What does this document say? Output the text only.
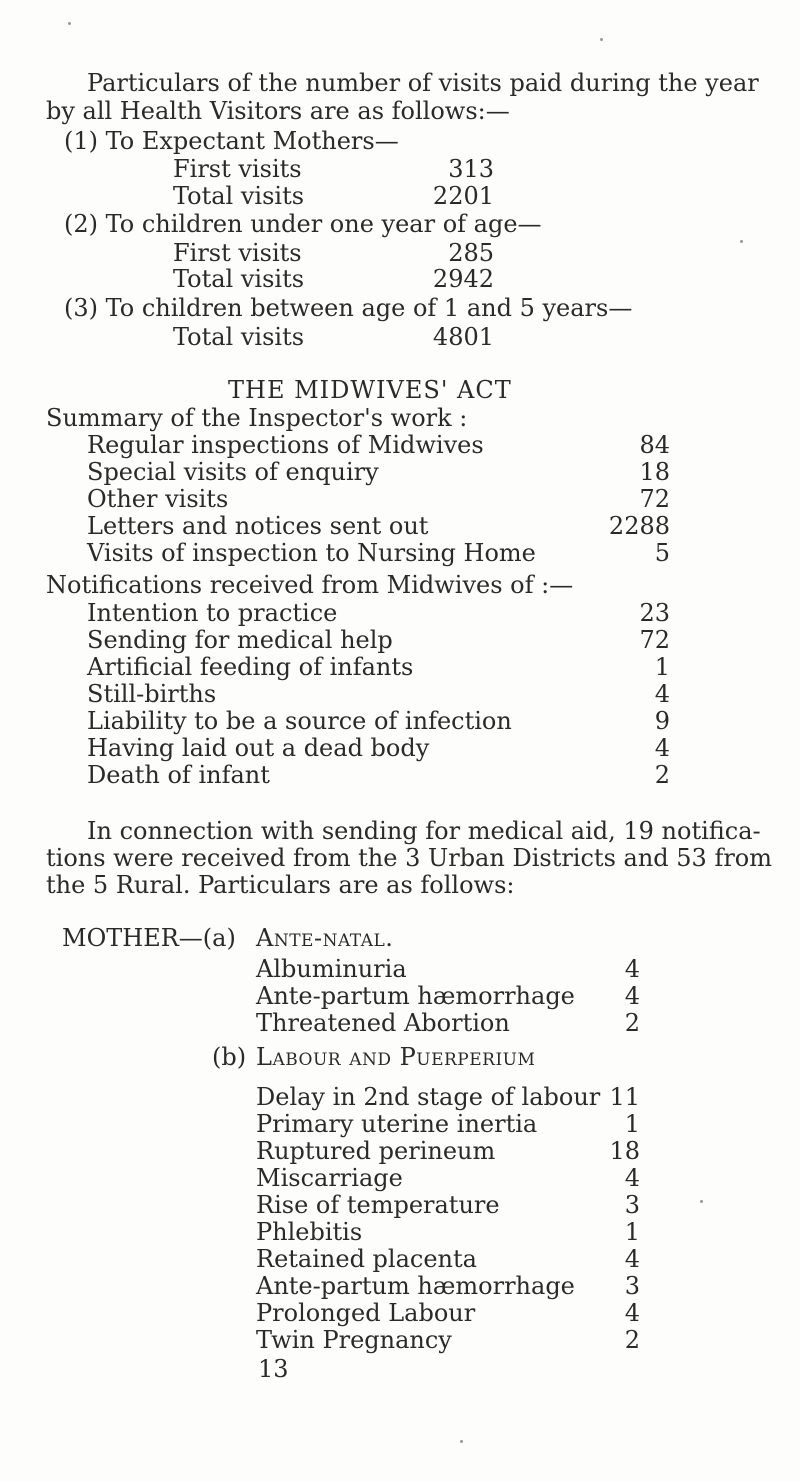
Particulars of the number of visits paid during the year
by all Health Visitors are as follows:—
(1) To Expectant Mothers—
First visits	313
Total visits	2201
(2) To children under one year of age—
First visits	285
Total visits	2942
(3) To children between age of 1 and 5 years—
Total visits	4801
THE MIDWIVES' ACT
Summary of the Inspector's work :
Regular inspections of Midwives	84
Special visits of enquiry	18
Other visits	72
Letters and notices sent out	2288
Visits of inspection to Nursing Home	5
Notifications received from Midwives of :—
Intention to practice	23
Sending for medical help	72
Artificial feeding of infants	1
Still-births	4
Liability to be a source of infection	9
Having laid out a dead body	4
Death of infant	2
In connection with sending for medical aid, 19 notifica-
tions were received from the 3 Urban Districts and 53 from
the 5 Rural. Particulars are as follows:
MOTHER—(a) Ante-natal.
Albuminuria	4
Ante-partum hæmorrhage	4
Threatened Abortion	2
(b) Labour and Puerperium
Delay in 2nd stage of labour 11
Primary uterine inertia	1
Ruptured perineum	18
Miscarriage	4
Rise of temperature	3
Phlebitis	1
Retained placenta	4
Ante-partum hæmorrhage	3
Prolonged Labour	4
Twin Pregnancy	2
13
